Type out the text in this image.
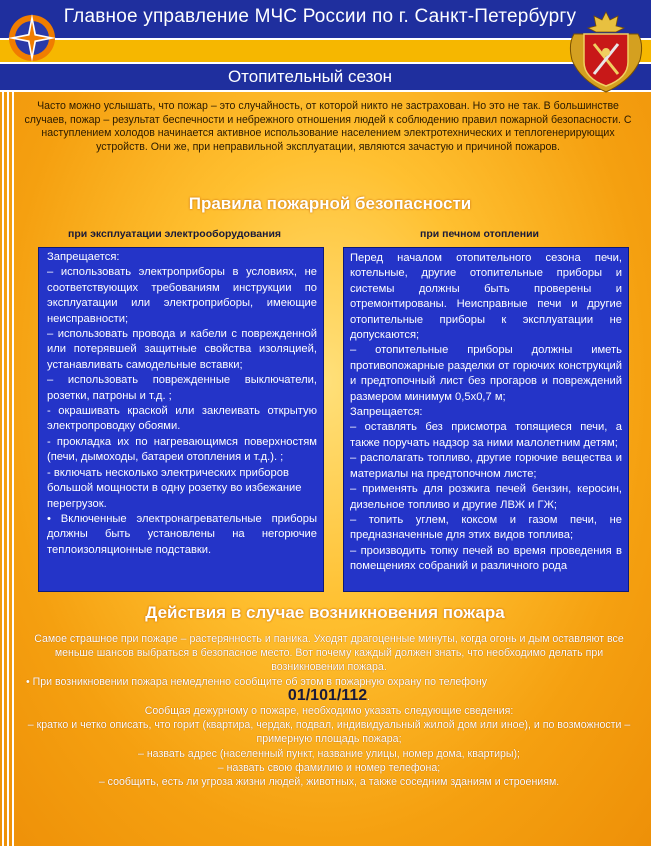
Главное управление МЧС России по г. Санкт-Петербургу
Отопительный сезон
Часто можно услышать, что пожар – это случайность, от которой никто не застрахован. Но это не так. В большинстве случаев, пожар – результат беспечности и небрежного отношения людей к соблюдению правил пожарной безопасности. С наступлением холодов начинается активное использование населением электротехнических и теплогенерирующих устройств. Они же, при неправильной эксплуатации, являются зачастую и причиной пожаров.
Правила пожарной безопасности
при эксплуатации электрооборудования	при печном отоплении

Запрещается:

– использовать электроприборы в условиях, не соответствующих требованиям инструкции по эксплуатации или электроприборы, имеющие неисправности;

– использовать провода и кабели с поврежденной или потерявшей защитные свойства изоляцией, устанавливать самодельные вставки;

– использовать поврежденные выключатели, розетки, патроны и т.д. ;

- окрашивать краской или заклеивать открытую электропроводку обоями.

- прокладка их по нагревающимся поверхностям (печи, дымоходы, батареи отопления и т.д.). ;

- включать несколько электрических приборов большой мощности в одну розетку во избежание перегрузок.

• Включенные электронагревательные приборы должны быть установлены на негорючие теплоизоляционные подставки.

Перед началом отопительного сезона печи, котельные, другие отопительные приборы и системы должны быть проверены и отремонтированы. Неисправные печи и другие отопительные приборы к эксплуатации не допускаются;

– отопительные приборы должны иметь противопожарные разделки от горючих конструкций и предтопочный лист без прогаров и повреждений размером минимум 0,5х0,7 м;

Запрещается:

– оставлять без присмотра топящиеся печи, а также поручать надзор за ними малолетним детям;

– располагать топливо, другие горючие вещества и материалы на предтопочном листе;

– применять для розжига печей бензин, керосин, дизельное топливо и другие ЛВЖ и ГЖ;

– топить углем, коксом и газом печи, не предназначенные для этих видов топлива;

– производить топку печей во время проведения в помещениях собраний и различного рода

Действия в случае возникновения пожара

Самое страшное при пожаре – растерянность и паника. Уходят драгоценные минуты, когда огонь и дым оставляют все меньше шансов выбраться в безопасное место. Вот почему каждый должен знать, что необходимо делать при возникновении пожара.

• При возникновении пожара немедленно сообщите об этом в пожарную охрану по телефону

01/101/112.

Сообщая дежурному о пожаре, необходимо указать следующие сведения:

– кратко и четко описать, что горит (квартира, чердак, подвал, индивидуальный жилой дом или иное), и по возможности – примерную площадь пожара;

– назвать адрес (населенный пункт, название улицы, номер дома, квартиры);

– назвать свою фамилию и номер телефона;

– сообщить, есть ли угроза жизни людей, животных, а также соседним зданиям и строениям.
